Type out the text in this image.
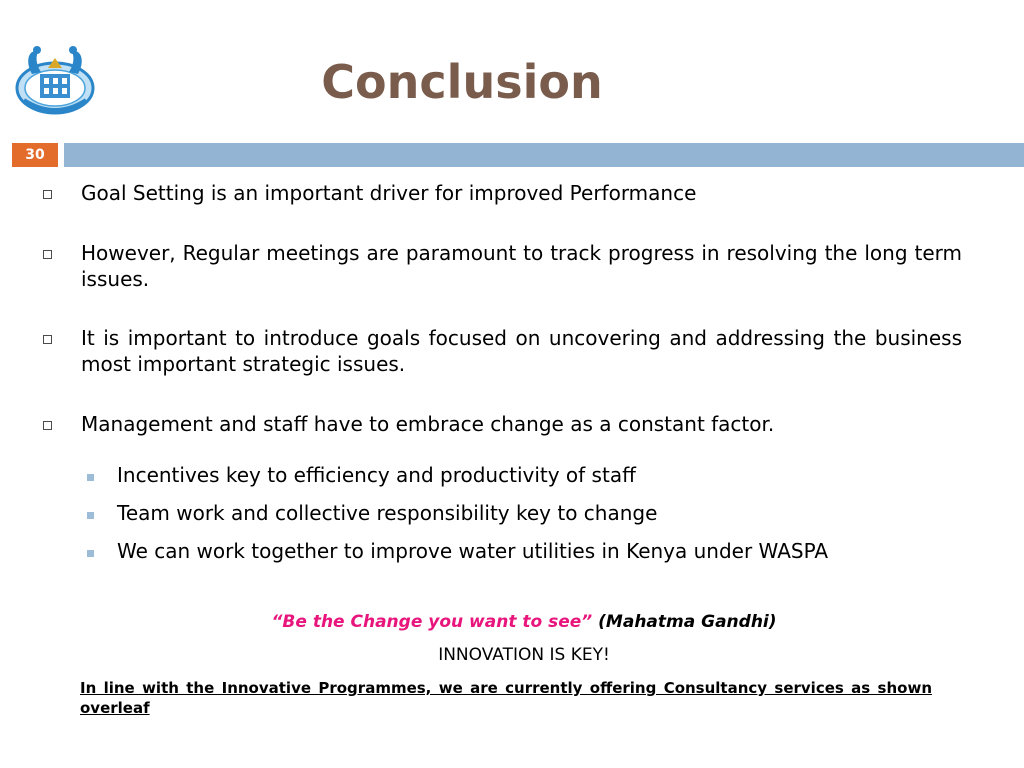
Conclusion
30
Goal Setting is an important driver for improved Performance
However, Regular meetings are paramount to track progress in resolving the long term issues.
It is important to introduce goals focused on uncovering and addressing the business most important strategic issues.
Management and staff have to embrace change as a constant factor.
Incentives key to efficiency and productivity of staff
Team work and collective responsibility key to change
We can work together to improve water utilities in Kenya under WASPA
“Be the Change you want to see” (Mahatma Gandhi)
INNOVATION IS KEY!
In line with the Innovative Programmes, we are currently offering Consultancy services as shown overleaf
